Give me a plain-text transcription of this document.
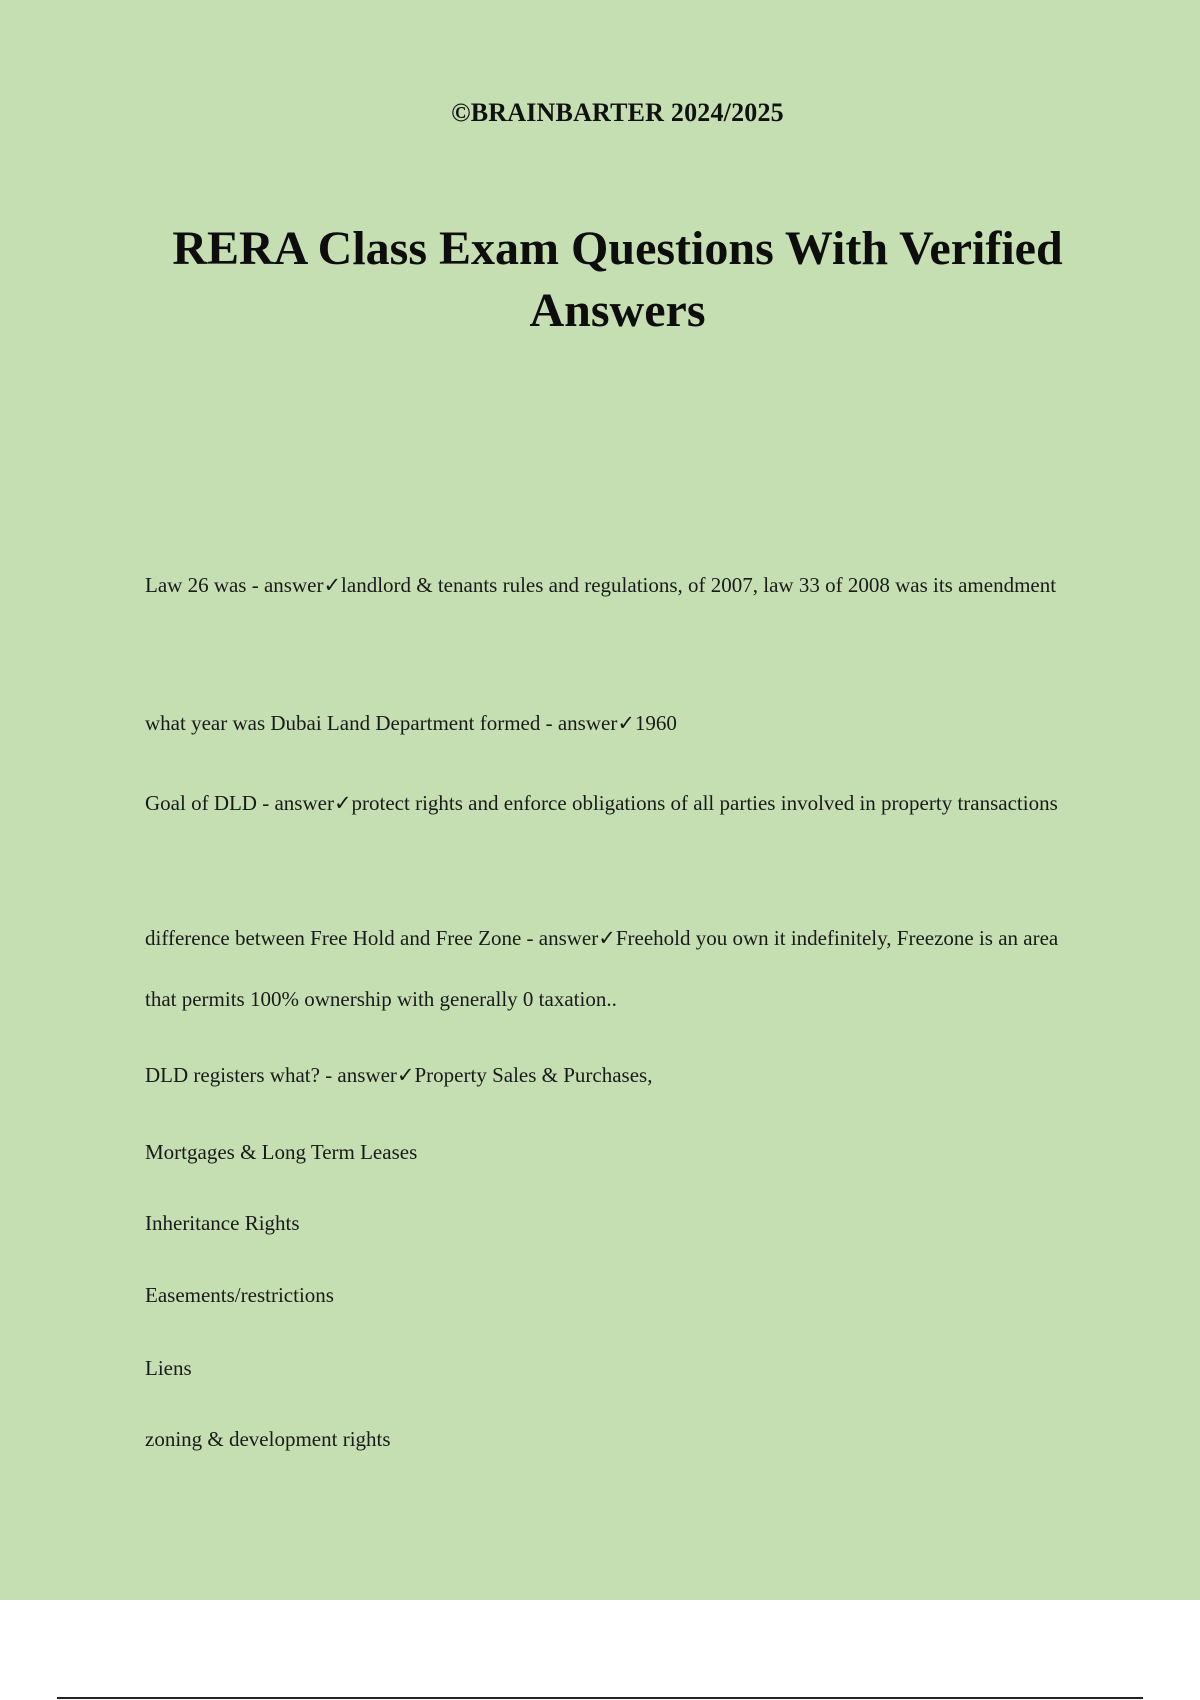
©BRAINBARTER 2024/2025
RERA Class Exam Questions With Verified Answers
Law 26 was - answer✓landlord & tenants rules and regulations, of 2007, law 33 of 2008 was its amendment
what year was Dubai Land Department formed - answer✓1960
Goal of DLD - answer✓protect rights and enforce obligations of all parties involved in property transactions
difference between Free Hold and Free Zone - answer✓Freehold you own it indefinitely, Freezone is an area that permits 100% ownership with generally 0 taxation..
DLD registers what? - answer✓Property Sales & Purchases,
Mortgages & Long Term Leases
Inheritance Rights
Easements/restrictions
Liens
zoning & development rights
